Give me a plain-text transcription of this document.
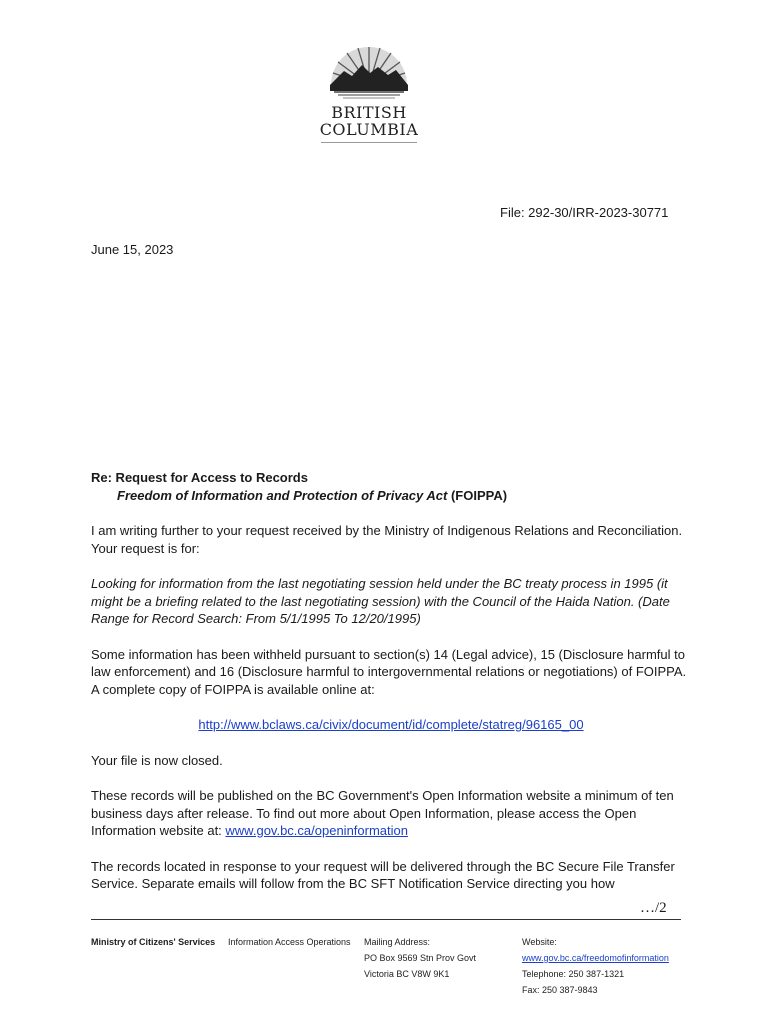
BRITISH
COLUMBIA
File: 292-30/IRR-2023-30771
June 15, 2023

Re: Request for Access to Records

Freedom of Information and Protection of Privacy Act (FOIPPA)

I am writing further to your request received by the Ministry of Indigenous Relations and Reconciliation. Your request is for:

Looking for information from the last negotiating session held under the BC treaty process in 1995 (it might be a briefing related to the last negotiating session) with the Council of the Haida Nation. (Date Range for Record Search: From 5/1/1995 To 12/20/1995)

Some information has been withheld pursuant to section(s) 14 (Legal advice), 15 (Disclosure harmful to law enforcement) and 16 (Disclosure harmful to intergovernmental relations or negotiations) of FOIPPA. A complete copy of FOIPPA is available online at:

http://www.bclaws.ca/civix/document/id/complete/statreg/96165_00

Your file is now closed.

These records will be published on the BC Government's Open Information website a minimum of ten business days after release. To find out more about Open Information, please access the Open Information website at: www.gov.bc.ca/openinformation

The records located in response to your request will be delivered through the BC Secure File Transfer Service. Separate emails will follow from the BC SFT Notification Service directing you how

…/2
Ministry of Citizens' Services Information Access Operations Mailing Address:
PO Box 9569 Stn Prov Govt
Victoria BC V8W 9K1
Website:
www.gov.bc.ca/freedomofinformation
Telephone: 250 387-1321
Fax: 250 387-9843
